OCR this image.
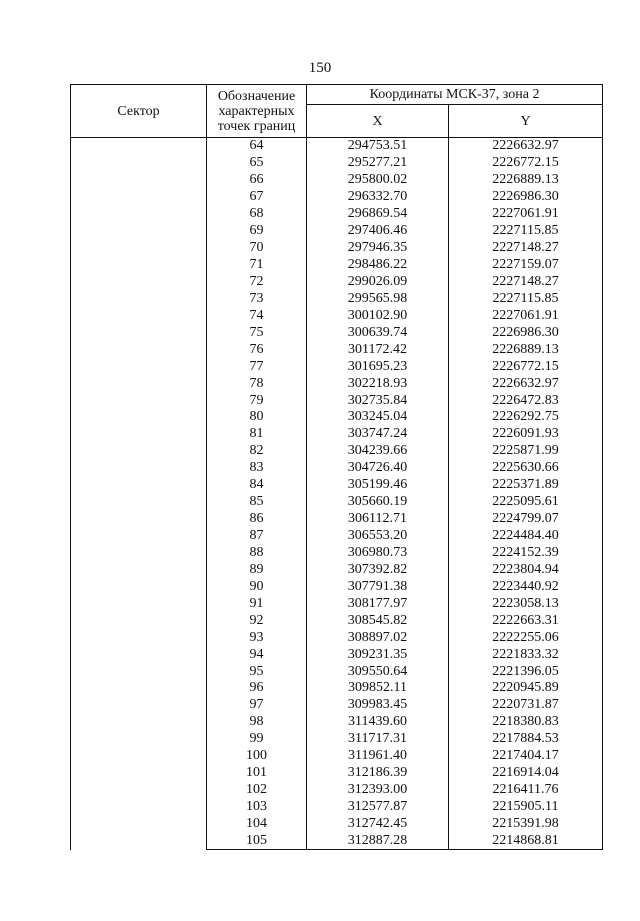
150
Сектор	Обозначение
характерных
точек границ	Координаты МСК-37, зона 2	
		X	Y
	64	294753.51	2226632.97
	65	295277.21	2226772.15
	66	295800.02	2226889.13
	67	296332.70	2226986.30
	68	296869.54	2227061.91
	69	297406.46	2227115.85
	70	297946.35	2227148.27
	71	298486.22	2227159.07
	72	299026.09	2227148.27
	73	299565.98	2227115.85
	74	300102.90	2227061.91
	75	300639.74	2226986.30
	76	301172.42	2226889.13
	77	301695.23	2226772.15
	78	302218.93	2226632.97
	79	302735.84	2226472.83
	80	303245.04	2226292.75
	81	303747.24	2226091.93
	82	304239.66	2225871.99
	83	304726.40	2225630.66
	84	305199.46	2225371.89
	85	305660.19	2225095.61
	86	306112.71	2224799.07
	87	306553.20	2224484.40
	88	306980.73	2224152.39
	89	307392.82	2223804.94
	90	307791.38	2223440.92
	91	308177.97	2223058.13
	92	308545.82	2222663.31
	93	308897.02	2222255.06
	94	309231.35	2221833.32
	95	309550.64	2221396.05
	96	309852.11	2220945.89
	97	309983.45	2220731.87
	98	311439.60	2218380.83
	99	311717.31	2217884.53
	100	311961.40	2217404.17
	101	312186.39	2216914.04
	102	312393.00	2216411.76
	103	312577.87	2215905.11
	104	312742.45	2215391.98
	105	312887.28	2214868.81
